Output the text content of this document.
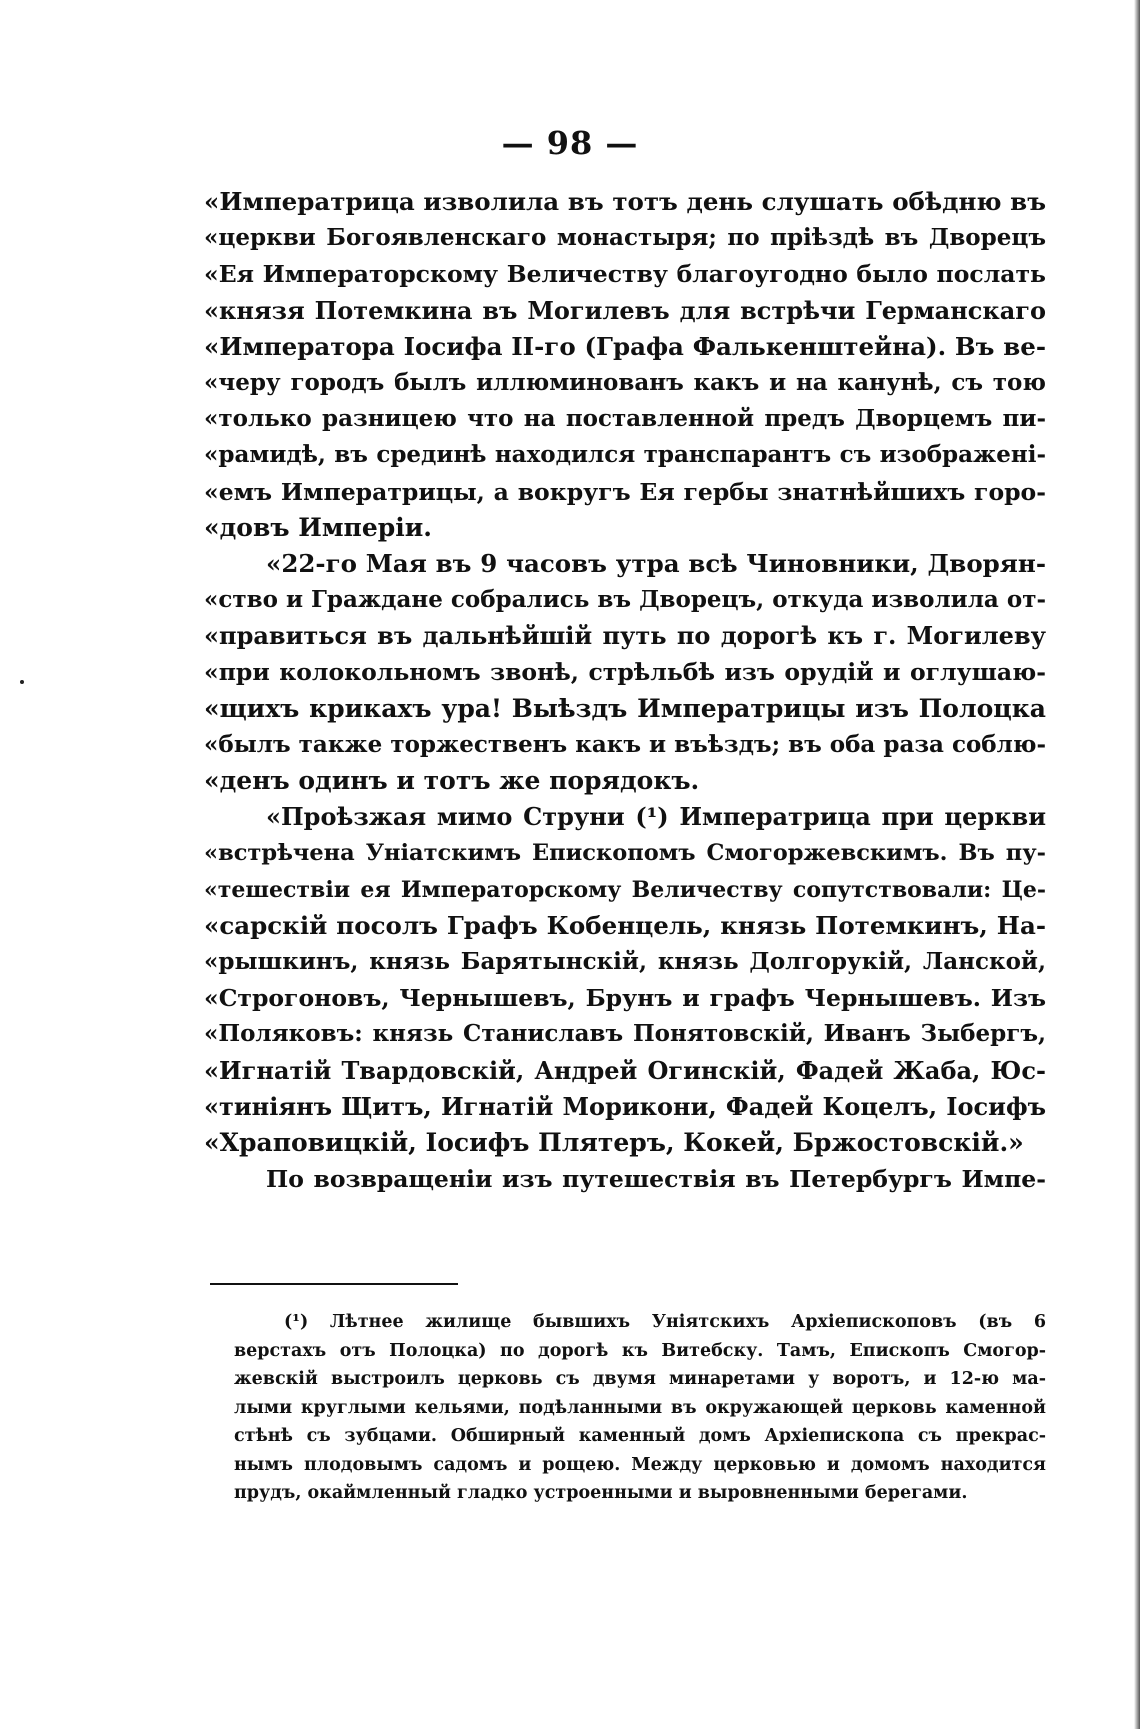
— 98 —
«Императрица изволила въ тотъ день слушать обѣдню въ
«церкви Богоявленскаго монастыря; по пріѣздѣ въ Дворецъ
«Ея Императорскому Величеству благоугодно было послать
«князя Потемкина въ Могилевъ для встрѣчи Германскаго
«Императора Іосифа II-го (Графа Фалькенштейна). Въ ве-
«черу городъ былъ иллюминованъ какъ и на канунѣ, съ тою
«только разницею что на поставленной предъ Дворцемъ пи-
«рамидѣ, въ срединѣ находился транспарантъ съ изображені-
«емъ Императрицы, а вокругъ Ея гербы знатнѣйшихъ горо-
«довъ Имперіи.
«22-го Мая въ 9 часовъ утра всѣ Чиновники, Дворян-
«ство и Граждане собрались въ Дворецъ, откуда изволила от-
«правиться въ дальнѣйшій путь по дорогѣ къ г. Могилеву
«при колокольномъ звонѣ, стрѣльбѣ изъ орудій и оглушаю-
«щихъ крикахъ ура! Выѣздъ Императрицы изъ Полоцка
«былъ также торжественъ какъ и въѣздъ; въ оба раза соблю-
«денъ одинъ и тотъ же порядокъ.
«Проѣзжая мимо Струни (¹) Императрица при церкви
«встрѣчена Уніатскимъ Епископомъ Смогоржевскимъ. Въ пу-
«тешествіи ея Императорскому Величеству сопутствовали: Це-
«сарскій посолъ Графъ Кобенцель, князь Потемкинъ, На-
«рышкинъ, князь Барятынскій, князь Долгорукій, Ланской,
«Строгоновъ, Чернышевъ, Брунъ и графъ Чернышевъ. Изъ
«Поляковъ: князь Станиславъ Понятовскій, Иванъ Зыбергъ,
«Игнатій Твардовскій, Андрей Огинскій, Фадей Жаба, Юс-
«тиніянъ Щитъ, Игнатій Морикони, Фадей Коцелъ, Іосифъ
«Храповицкій, Іосифъ Плятеръ, Кокей, Бржостовскій.»
По возвращеніи изъ путешествія въ Петербургъ Импе-
(¹) Лѣтнее жилище бывшихъ Уніятскихъ Архіепископовъ (въ 6
верстахъ отъ Полоцка) по дорогѣ къ Витебску. Тамъ, Епископъ Смогор-
жевскій выстроилъ церковь съ двумя минаретами у воротъ, и 12-ю ма-
лыми круглыми кельями, подѣланными въ окружающей церковь каменной
стѣнѣ съ зубцами. Обширный каменный домъ Архіепископа съ прекрас-
нымъ плодовымъ садомъ и рощею. Между церковью и домомъ находится
прудъ, окаймленный гладко устроенными и выровненными берегами.
